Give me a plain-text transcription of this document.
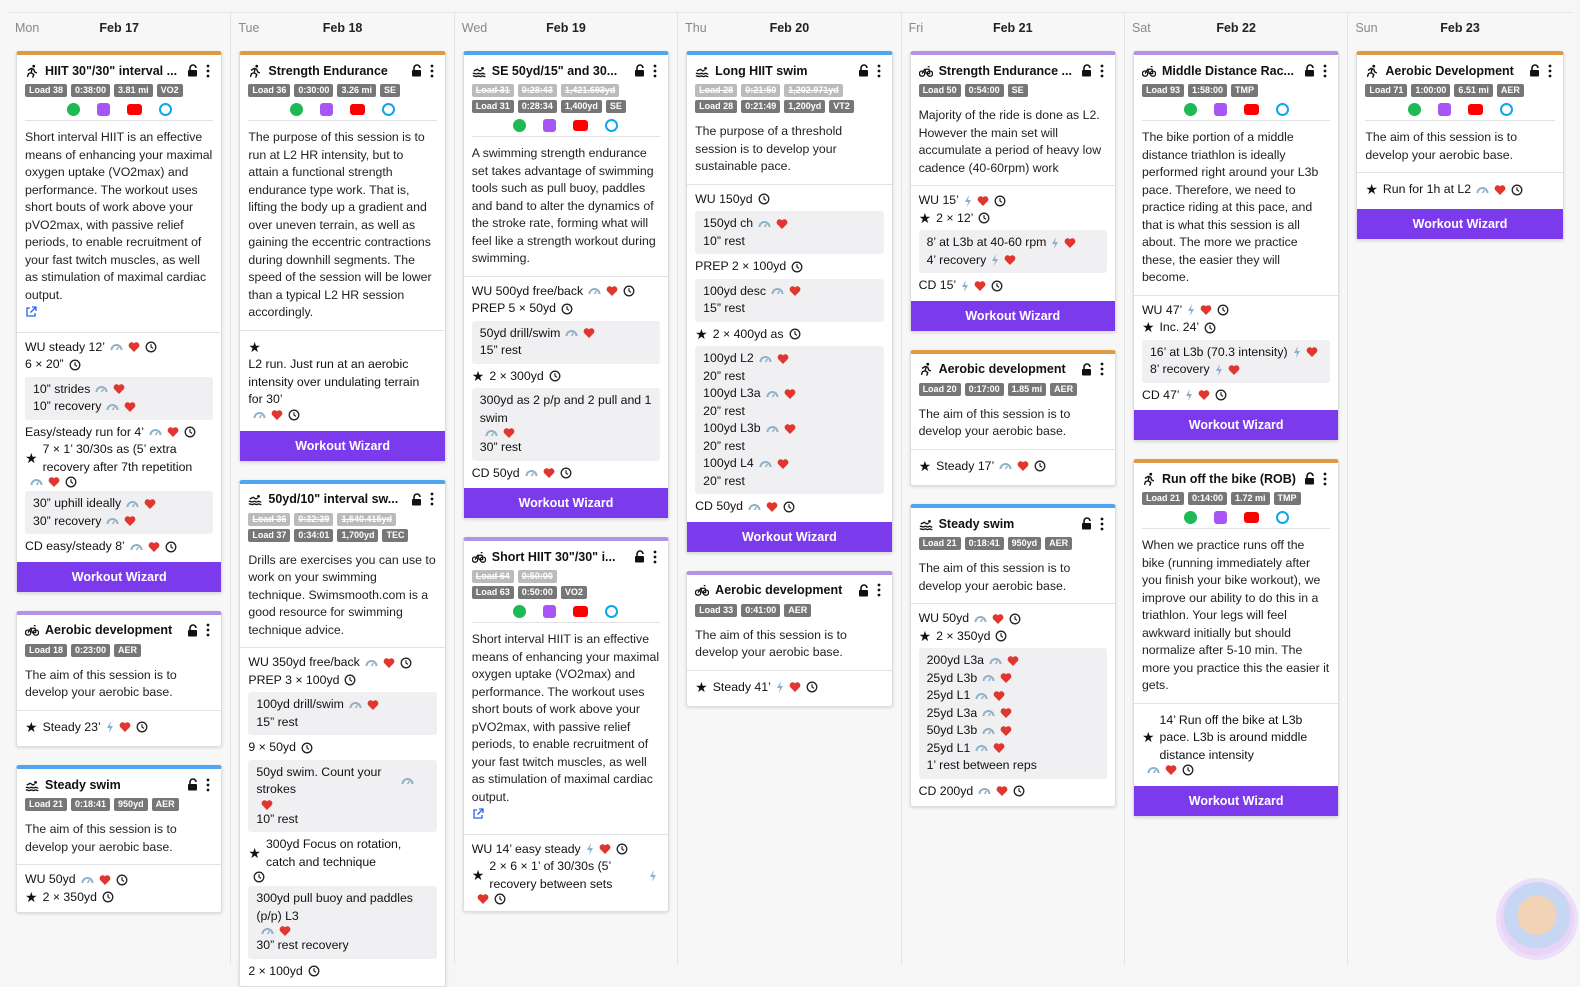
Mon	Feb 17
HIIT 30"/30" interval ...
Load 38	0:38:00	3.81 mi	VO2
Short interval HIIT is an effective means of enhancing your maximal oxygen uptake (VO2max) and performance. The workout uses short bouts of work above your pVO2max, with passive relief periods, to enable recruitment of your fast twitch muscles, as well as stimulation of maximal cardiac output.
WU steady 12’
6 × 20”
10” strides
10” recovery
Easy/steady run for 4’
★
7 × 1’ 30/30s as (5’ extra recovery after 7th repetition
30” uphill ideally
30” recovery
CD easy/steady 8’
Workout Wizard
Aerobic development
Load 18	0:23:00	AER
The aim of this session is to develop your aerobic base.
★ Steady 23’
Steady swim
Load 21	0:18:41	950yd	AER
The aim of this session is to develop your aerobic base.
WU 50yd
★ 2 × 350yd
Tue	Feb 18
Strength Endurance
Load 36	0:30:00	3.26 mi	SE
The purpose of this session is to run at L2 HR intensity, but to attain a functional strength endurance type work. That is, lifting the body up a gradient and over uneven terrain, as well as gaining the eccentric contractions during downhill segments. The speed of the session will be lower than a typical L2 HR session accordingly.
★
L2 run. Just run at an aerobic intensity over undulating terrain for 30’
Workout Wizard
50yd/10" interval sw...
Load 36	0:32:39	1,640.415yd
Load 37	0:34:01	1,700yd	TEC
Drills are exercises you can use to work on your swimming technique. Swimsmooth.com is a good resource for swimming technique advice.
WU 350yd free/back
PREP 3 × 100yd
100yd drill/swim
15” rest
9 × 50yd
50yd swim. Count your strokes
10” rest
★
300yd Focus on rotation, catch and technique
300yd pull buoy and paddles (p/p) L3
30” rest recovery
2 × 100yd
Wed	Feb 19
SE 50yd/15" and 30...
Load 31	0:28:43	1,421.693yd
Load 31	0:28:34	1,400yd	SE
A swimming strength endurance set takes advantage of swimming tools such as pull buoy, paddles and band to alter the dynamics of the stroke rate, forming what will feel like a strength workout during swimming.
WU 500yd free/back
PREP 5 × 50yd
50yd drill/swim
15” rest
★ 2 × 300yd
300yd as 2 p/p and 2 pull and 1 swim
30” rest
CD 50yd
Workout Wizard
Short HIIT 30"/30" i...
Load 64	0:50:00
Load 63	0:50:00	VO2
Short interval HIIT is an effective means of enhancing your maximal oxygen uptake (VO2max) and performance. The workout uses short bouts of work above your pVO2max, with passive relief periods, to enable recruitment of your fast twitch muscles, as well as stimulation of maximal cardiac output.
WU 14’ easy steady
★
2 × 6 × 1’ of 30/30s (5’ recovery between sets
Thu	Feb 20
Long HIIT swim
Load 28	0:21:50	1,202.971yd
Load 28	0:21:49	1,200yd	VT2
The purpose of a threshold session is to develop your sustainable pace.
WU 150yd
150yd ch
10” rest
PREP 2 × 100yd
100yd desc
15” rest
★ 2 × 400yd as
100yd L2
20” rest
100yd L3a
20” rest
100yd L3b
20” rest
100yd L4
20” rest
CD 50yd
Workout Wizard
Aerobic development
Load 33	0:41:00	AER
The aim of this session is to develop your aerobic base.
★ Steady 41’
Fri	Feb 21
Strength Endurance ...
Load 50	0:54:00	SE
Majority of the ride is done as L2. However the main set will accumulate a period of heavy low cadence (40-60rpm) work
WU 15’
★ 2 × 12’
8’ at L3b at 40-60 rpm
4’ recovery
CD 15’
Workout Wizard
Aerobic development
Load 20	0:17:00	1.85 mi	AER
The aim of this session is to develop your aerobic base.
★ Steady 17’
Steady swim
Load 21	0:18:41	950yd	AER
The aim of this session is to develop your aerobic base.
WU 50yd
★ 2 × 350yd
200yd L3a
25yd L3b
25yd L1
25yd L3a
50yd L3b
25yd L1
1’ rest between reps
CD 200yd
Sat	Feb 22
Middle Distance Rac...
Load 93	1:58:00	TMP
The bike portion of a middle distance triathlon is ideally performed right around your L3b pace. Therefore, we need to practice riding at this pace, and that is what this session is all about. The more we practice these, the easier they will become.
WU 47’
★ Inc. 24’
16’ at L3b (70.3 intensity)
8’ recovery
CD 47’
Workout Wizard
Run off the bike (ROB)
Load 21	0:14:00	1.72 mi	TMP
When we practice runs off the bike (running immediately after you finish your bike workout), we improve our ability to do this in a triathlon. Your legs will feel awkward initially but should normalize after 5-10 min. The more you practice this the easier it gets.
★
14’ Run off the bike at L3b pace. L3b is around middle distance intensity
Workout Wizard
Sun	Feb 23
Aerobic Development
Load 71	1:00:00	6.51 mi	AER
The aim of this session is to develop your aerobic base.
★ Run for 1h at L2
Workout Wizard
